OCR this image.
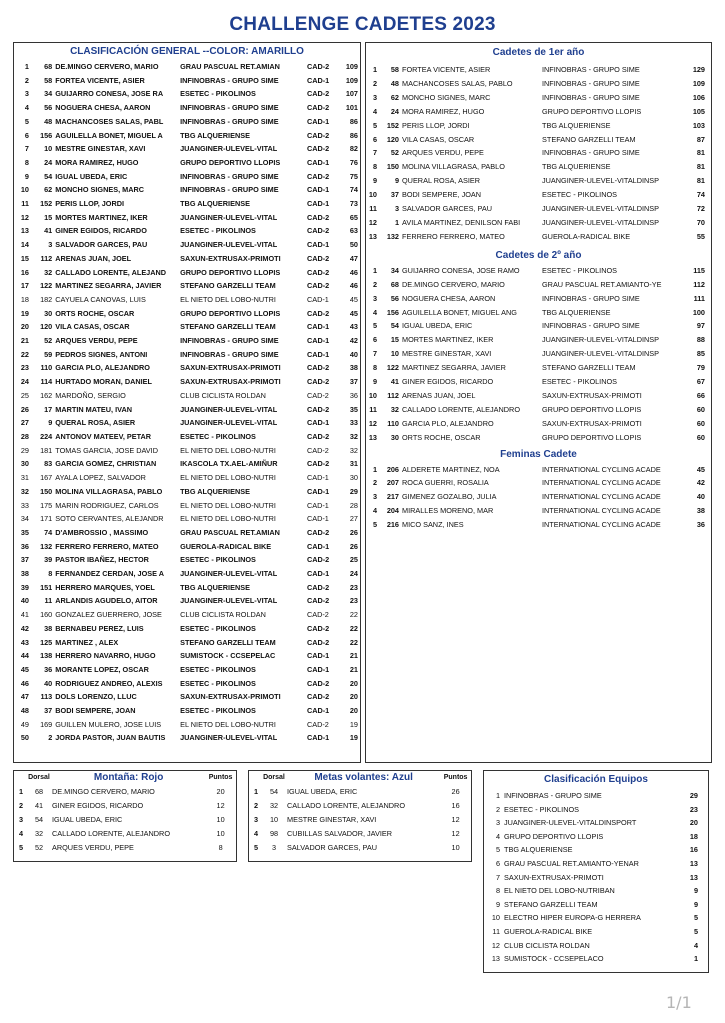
CHALLENGE CADETES 2023
CLASIFICACIÓN GENERAL --COLOR: AMARILLO
1	68	DE.MINGO CERVERO, MARIO	GRAU PASCUAL RET.AMIAN	CAD-2	109
2	58	FORTEA VICENTE, ASIER	INFINOBRAS - GRUPO SIME	CAD-1	109
3	34	GUIJARRO CONESA, JOSE RA	ESETEC - PIKOLINOS	CAD-2	107
4	56	NOGUERA CHESA, AARON	INFINOBRAS - GRUPO SIME	CAD-2	101
5	48	MACHANCOSES SALAS, PABL	INFINOBRAS - GRUPO SIME	CAD-1	86
6	156	AGUILELLA BONET, MIGUEL A	TBG ALQUERIENSE	CAD-2	86
7	10	MESTRE GINESTAR, XAVI	JUANGINER-ULEVEL-VITAL	CAD-2	82
8	24	MORA RAMIREZ, HUGO	GRUPO DEPORTIVO LLOPIS	CAD-1	76
9	54	IGUAL UBEDA, ERIC	INFINOBRAS - GRUPO SIME	CAD-2	75
10	62	MONCHO SIGNES, MARC	INFINOBRAS - GRUPO SIME	CAD-1	74
11	152	PERIS LLOP, JORDI	TBG ALQUERIENSE	CAD-1	73
12	15	MORTES MARTINEZ, IKER	JUANGINER-ULEVEL-VITAL	CAD-2	65
13	41	GINER EGIDOS, RICARDO	ESETEC - PIKOLINOS	CAD-2	63
14	3	SALVADOR GARCES, PAU	JUANGINER-ULEVEL-VITAL	CAD-1	50
15	112	ARENAS JUAN, JOEL	SAXUN-EXTRUSAX-PRIMOTI	CAD-2	47
16	32	CALLADO LORENTE, ALEJAND	GRUPO DEPORTIVO LLOPIS	CAD-2	46
17	122	MARTINEZ SEGARRA, JAVIER	STEFANO GARZELLI TEAM	CAD-2	46
18	182	CAYUELA CANOVAS, LUIS	EL NIETO DEL LOBO-NUTRI	CAD-1	45
19	30	ORTS ROCHE, OSCAR	GRUPO DEPORTIVO LLOPIS	CAD-2	45
20	120	VILA CASAS, OSCAR	STEFANO GARZELLI TEAM	CAD-1	43
21	52	ARQUES VERDU, PEPE	INFINOBRAS - GRUPO SIME	CAD-1	42
22	59	PEDROS SIGNES, ANTONI	INFINOBRAS - GRUPO SIME	CAD-1	40
23	110	GARCIA PLO, ALEJANDRO	SAXUN-EXTRUSAX-PRIMOTI	CAD-2	38
24	114	HURTADO MORAN, DANIEL	SAXUN-EXTRUSAX-PRIMOTI	CAD-2	37
25	162	MARDOÑO, SERGIO	CLUB CICLISTA ROLDAN	CAD-2	36
26	17	MARTIN MATEU, IVAN	JUANGINER-ULEVEL-VITAL	CAD-2	35
27	9	QUERAL ROSA, ASIER	JUANGINER-ULEVEL-VITAL	CAD-1	33
28	224	ANTONOV MATEEV, PETAR	ESETEC - PIKOLINOS	CAD-2	32
29	181	TOMAS GARCIA, JOSE DAVID	EL NIETO DEL LOBO-NUTRI	CAD-2	32
30	83	GARCIA GOMEZ, CHRISTIAN	IKASCOLA TX.AEL-AMIÑUR	CAD-2	31
31	167	AYALA LOPEZ, SALVADOR	EL NIETO DEL LOBO-NUTRI	CAD-1	30
32	150	MOLINA VILLAGRASA, PABLO	TBG ALQUERIENSE	CAD-1	29
33	175	MARIN RODRIGUEZ, CARLOS	EL NIETO DEL LOBO-NUTRI	CAD-1	28
34	171	SOTO CERVANTES, ALEJANDR	EL NIETO DEL LOBO-NUTRI	CAD-1	27
35	74	D'AMBROSSIO , MASSIMO	GRAU PASCUAL RET.AMIAN	CAD-2	26
36	132	FERRERO FERRERO, MATEO	GUEROLA-RADICAL BIKE	CAD-1	26
37	39	PASTOR IBAÑEZ, HECTOR	ESETEC - PIKOLINOS	CAD-2	25
38	8	FERNANDEZ CERDAN, JOSE A	JUANGINER-ULEVEL-VITAL	CAD-1	24
39	151	HERRERO MARQUES, YOEL	TBG ALQUERIENSE	CAD-2	23
40	11	ARLANDIS AGUDELO, AITOR	JUANGINER-ULEVEL-VITAL	CAD-2	23
41	160	GONZALEZ GUERRERO, JOSE	CLUB CICLISTA ROLDAN	CAD-2	22
42	38	BERNABEU PEREZ, LUIS	ESETEC - PIKOLINOS	CAD-2	22
43	125	MARTINEZ , ALEX	STEFANO GARZELLI TEAM	CAD-2	22
44	138	HERRERO NAVARRO, HUGO	SUMISTOCK - CCSEPELAC	CAD-1	21
45	36	MORANTE LOPEZ, OSCAR	ESETEC - PIKOLINOS	CAD-1	21
46	40	RODRIGUEZ ANDREO, ALEXIS	ESETEC - PIKOLINOS	CAD-2	20
47	113	DOLS LORENZO, LLUC	SAXUN-EXTRUSAX-PRIMOTI	CAD-2	20
48	37	BODI SEMPERE, JOAN	ESETEC - PIKOLINOS	CAD-1	20
49	169	GUILLEN MULERO, JOSE LUIS	EL NIETO DEL LOBO-NUTRI	CAD-2	19
50	2	JORDA PASTOR, JUAN BAUTIS	JUANGINER-ULEVEL-VITAL	CAD-1	19
Cadetes de 1er año
1	58	FORTEA VICENTE, ASIER	INFINOBRAS - GRUPO SIME	129
2	48	MACHANCOSES SALAS, PABLO	INFINOBRAS - GRUPO SIME	109
3	62	MONCHO SIGNES, MARC	INFINOBRAS - GRUPO SIME	106
4	24	MORA RAMIREZ, HUGO	GRUPO DEPORTIVO LLOPIS	105
5	152	PERIS LLOP, JORDI	TBG ALQUERIENSE	103
6	120	VILA CASAS, OSCAR	STEFANO GARZELLI TEAM	87
7	52	ARQUES VERDU, PEPE	INFINOBRAS - GRUPO SIME	81
8	150	MOLINA VILLAGRASA, PABLO	TBG ALQUERIENSE	81
9	9	QUERAL ROSA, ASIER	JUANGINER-ULEVEL-VITALDINSP	81
10	37	BODI SEMPERE, JOAN	ESETEC - PIKOLINOS	74
11	3	SALVADOR GARCES, PAU	JUANGINER-ULEVEL-VITALDINSP	72
12	1	AVILA MARTINEZ, DENILSON FABI	JUANGINER-ULEVEL-VITALDINSP	70
13	132	FERRERO FERRERO, MATEO	GUEROLA-RADICAL BIKE	55
Cadetes de 2º año
1	34	GUIJARRO CONESA, JOSE RAMO	ESETEC - PIKOLINOS	115
2	68	DE.MINGO CERVERO, MARIO	GRAU PASCUAL RET.AMIANTO-YE	112
3	56	NOGUERA CHESA, AARON	INFINOBRAS - GRUPO SIME	111
4	156	AGUILELLA BONET, MIGUEL ANG	TBG ALQUERIENSE	100
5	54	IGUAL UBEDA, ERIC	INFINOBRAS - GRUPO SIME	97
6	15	MORTES MARTINEZ, IKER	JUANGINER-ULEVEL-VITALDINSP	88
7	10	MESTRE GINESTAR, XAVI	JUANGINER-ULEVEL-VITALDINSP	85
8	122	MARTINEZ SEGARRA, JAVIER	STEFANO GARZELLI TEAM	79
9	41	GINER EGIDOS, RICARDO	ESETEC - PIKOLINOS	67
10	112	ARENAS JUAN, JOEL	SAXUN-EXTRUSAX-PRIMOTI	66
11	32	CALLADO LORENTE, ALEJANDRO	GRUPO DEPORTIVO LLOPIS	60
12	110	GARCIA PLO, ALEJANDRO	SAXUN-EXTRUSAX-PRIMOTI	60
13	30	ORTS ROCHE, OSCAR	GRUPO DEPORTIVO LLOPIS	60
Feminas Cadete
1	206	ALDERETE MARTINEZ, NOA	INTERNATIONAL CYCLING ACADE	45
2	207	ROCA GUERRI, ROSALIA	INTERNATIONAL CYCLING ACADE	42
3	217	GIMENEZ GOZALBO, JULIA	INTERNATIONAL CYCLING ACADE	40
4	204	MIRALLES MORENO, MAR	INTERNATIONAL CYCLING ACADE	38
5	216	MICO SANZ, INES	INTERNATIONAL CYCLING ACADE	36
	Dorsal	Montaña: Rojo	Puntos
1	68	DE.MINGO CERVERO, MARIO	20
2	41	GINER EGIDOS, RICARDO	12
3	54	IGUAL UBEDA, ERIC	10
4	32	CALLADO LORENTE, ALEJANDRO	10
5	52	ARQUES VERDU, PEPE	8
	Dorsal	Metas volantes: Azul	Puntos
1	54	IGUAL UBEDA, ERIC	26
2	32	CALLADO LORENTE, ALEJANDRO	16
3	10	MESTRE GINESTAR, XAVI	12
4	98	CUBILLAS SALVADOR, JAVIER	12
5	3	SALVADOR GARCES, PAU	10
Clasificación Equipos
1	INFINOBRAS - GRUPO SIME	29
2	ESETEC - PIKOLINOS	23
3	JUANGINER-ULEVEL-VITALDINSPORT	20
4	GRUPO DEPORTIVO LLOPIS	18
5	TBG ALQUERIENSE	16
6	GRAU PASCUAL RET.AMIANTO-YENAR	13
7	SAXUN-EXTRUSAX-PRIMOTI	13
8	EL NIETO DEL LOBO-NUTRIBAN	9
9	STEFANO GARZELLI TEAM	9
10	ELECTRO HIPER EUROPA-G HERRERA	5
11	GUEROLA-RADICAL BIKE	5
12	CLUB CICLISTA ROLDAN	4
13	SUMISTOCK - CCSEPELACO	1
1/1
